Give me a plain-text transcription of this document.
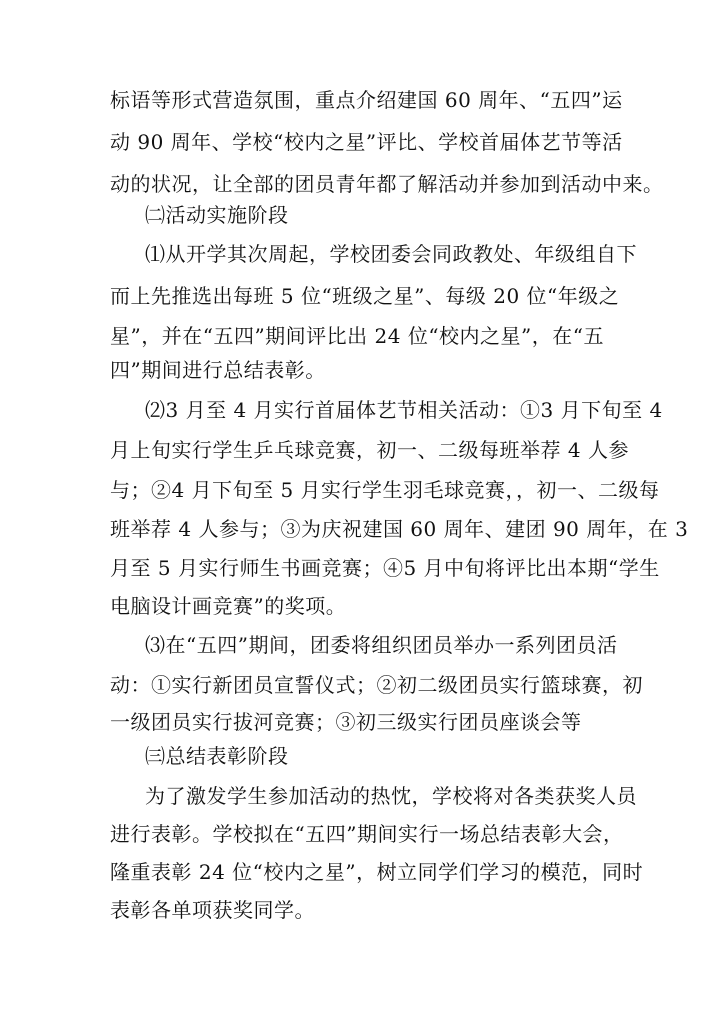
标语等形式营造氛围，重点介绍建国 60 周年、“五四”运
动 90 周年、学校“校内之星”评比、学校首届体艺节等活
动的状况，让全部的团员青年都了解活动并参加到活动中来。
㈡活动实施阶段
⑴从开学其次周起，学校团委会同政教处、年级组自下
而上先推选出每班 5 位“班级之星”、每级 20 位“年级之
星”，并在“五四”期间评比出 24 位“校内之星”，在“五
四”期间进行总结表彰。
⑵3 月至 4 月实行首届体艺节相关活动：①3 月下旬至 4
月上旬实行学生乒乓球竞赛，初一、二级每班举荐 4 人参
与；②4 月下旬至 5 月实行学生羽毛球竞赛，，初一、二级每
班举荐 4 人参与；③为庆祝建国 60 周年、建团 90 周年，在 3
月至 5 月实行师生书画竞赛；④5 月中旬将评比出本期“学生
电脑设计画竞赛”的奖项。
⑶在“五四”期间，团委将组织团员举办一系列团员活
动：①实行新团员宣誓仪式；②初二级团员实行篮球赛，初
一级团员实行拔河竞赛；③初三级实行团员座谈会等
㈢总结表彰阶段
为了激发学生参加活动的热忱，学校将对各类获奖人员
进行表彰。学校拟在“五四”期间实行一场总结表彰大会，
隆重表彰 24 位“校内之星”，树立同学们学习的模范，同时
表彰各单项获奖同学。
